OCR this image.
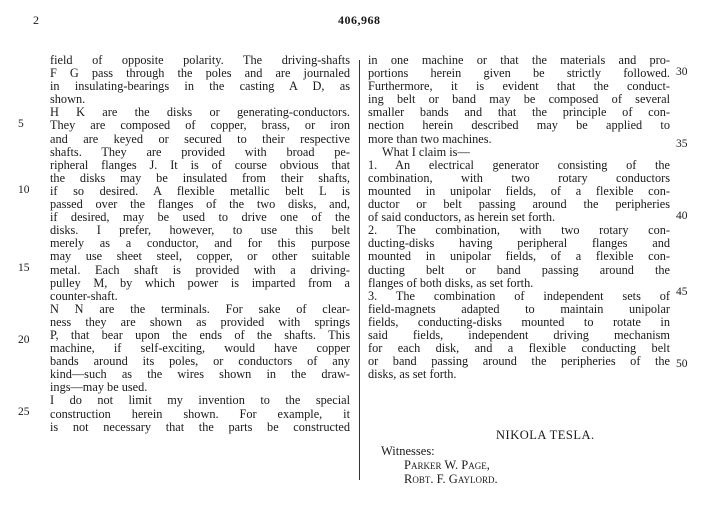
2	406,968
field of opposite polarity. The driving-shafts
F G pass through the poles and are journaled
in insulating-bearings in the casting A D, as
shown.
H K are the disks or generating-conductors.
They are composed of copper, brass, or iron
and are keyed or secured to their respective
shafts. They are provided with broad pe-
ripheral flanges J. It is of course obvious that
the disks may be insulated from their shafts,
if so desired. A flexible metallic belt L is
passed over the flanges of the two disks, and,
if desired, may be used to drive one of the
disks. I prefer, however, to use this belt
merely as a conductor, and for this purpose
may use sheet steel, copper, or other suitable
metal. Each shaft is provided with a driving-
pulley M, by which power is imparted from a
counter-shaft.
N N are the terminals. For sake of clear-
ness they are shown as provided with springs
P, that bear upon the ends of the shafts. This
machine, if self-exciting, would have copper
bands around its poles, or conductors of any
kind—such as the wires shown in the draw-
ings—may be used.
I do not limit my invention to the special
construction herein shown. For example, it
is not necessary that the parts be constructed
5
10
15
20
25
in one machine or that the materials and pro-
portions herein given be strictly followed.
Furthermore, it is evident that the conduct-
ing belt or band may be composed of several
smaller bands and that the principle of con-
nection herein described may be applied to
more than two machines.
What I claim is—
1. An electrical generator consisting of the
combination, with two rotary conductors
mounted in unipolar fields, of a flexible con-
ductor or belt passing around the peripheries
of said conductors, as herein set forth.
2. The combination, with two rotary con-
ducting-disks having peripheral flanges and
mounted in unipolar fields, of a flexible con-
ducting belt or band passing around the
flanges of both disks, as set forth.
3. The combination of independent sets of
field-magnets adapted to maintain unipolar
fields, conducting-disks mounted to rotate in
said fields, independent driving mechanism
for each disk, and a flexible conducting belt
or band passing around the peripheries of the
disks, as set forth.
30
35
40
45
50
NIKOLA TESLA.
Witnesses:
Parker W. Page,
Robt. F. Gaylord.
